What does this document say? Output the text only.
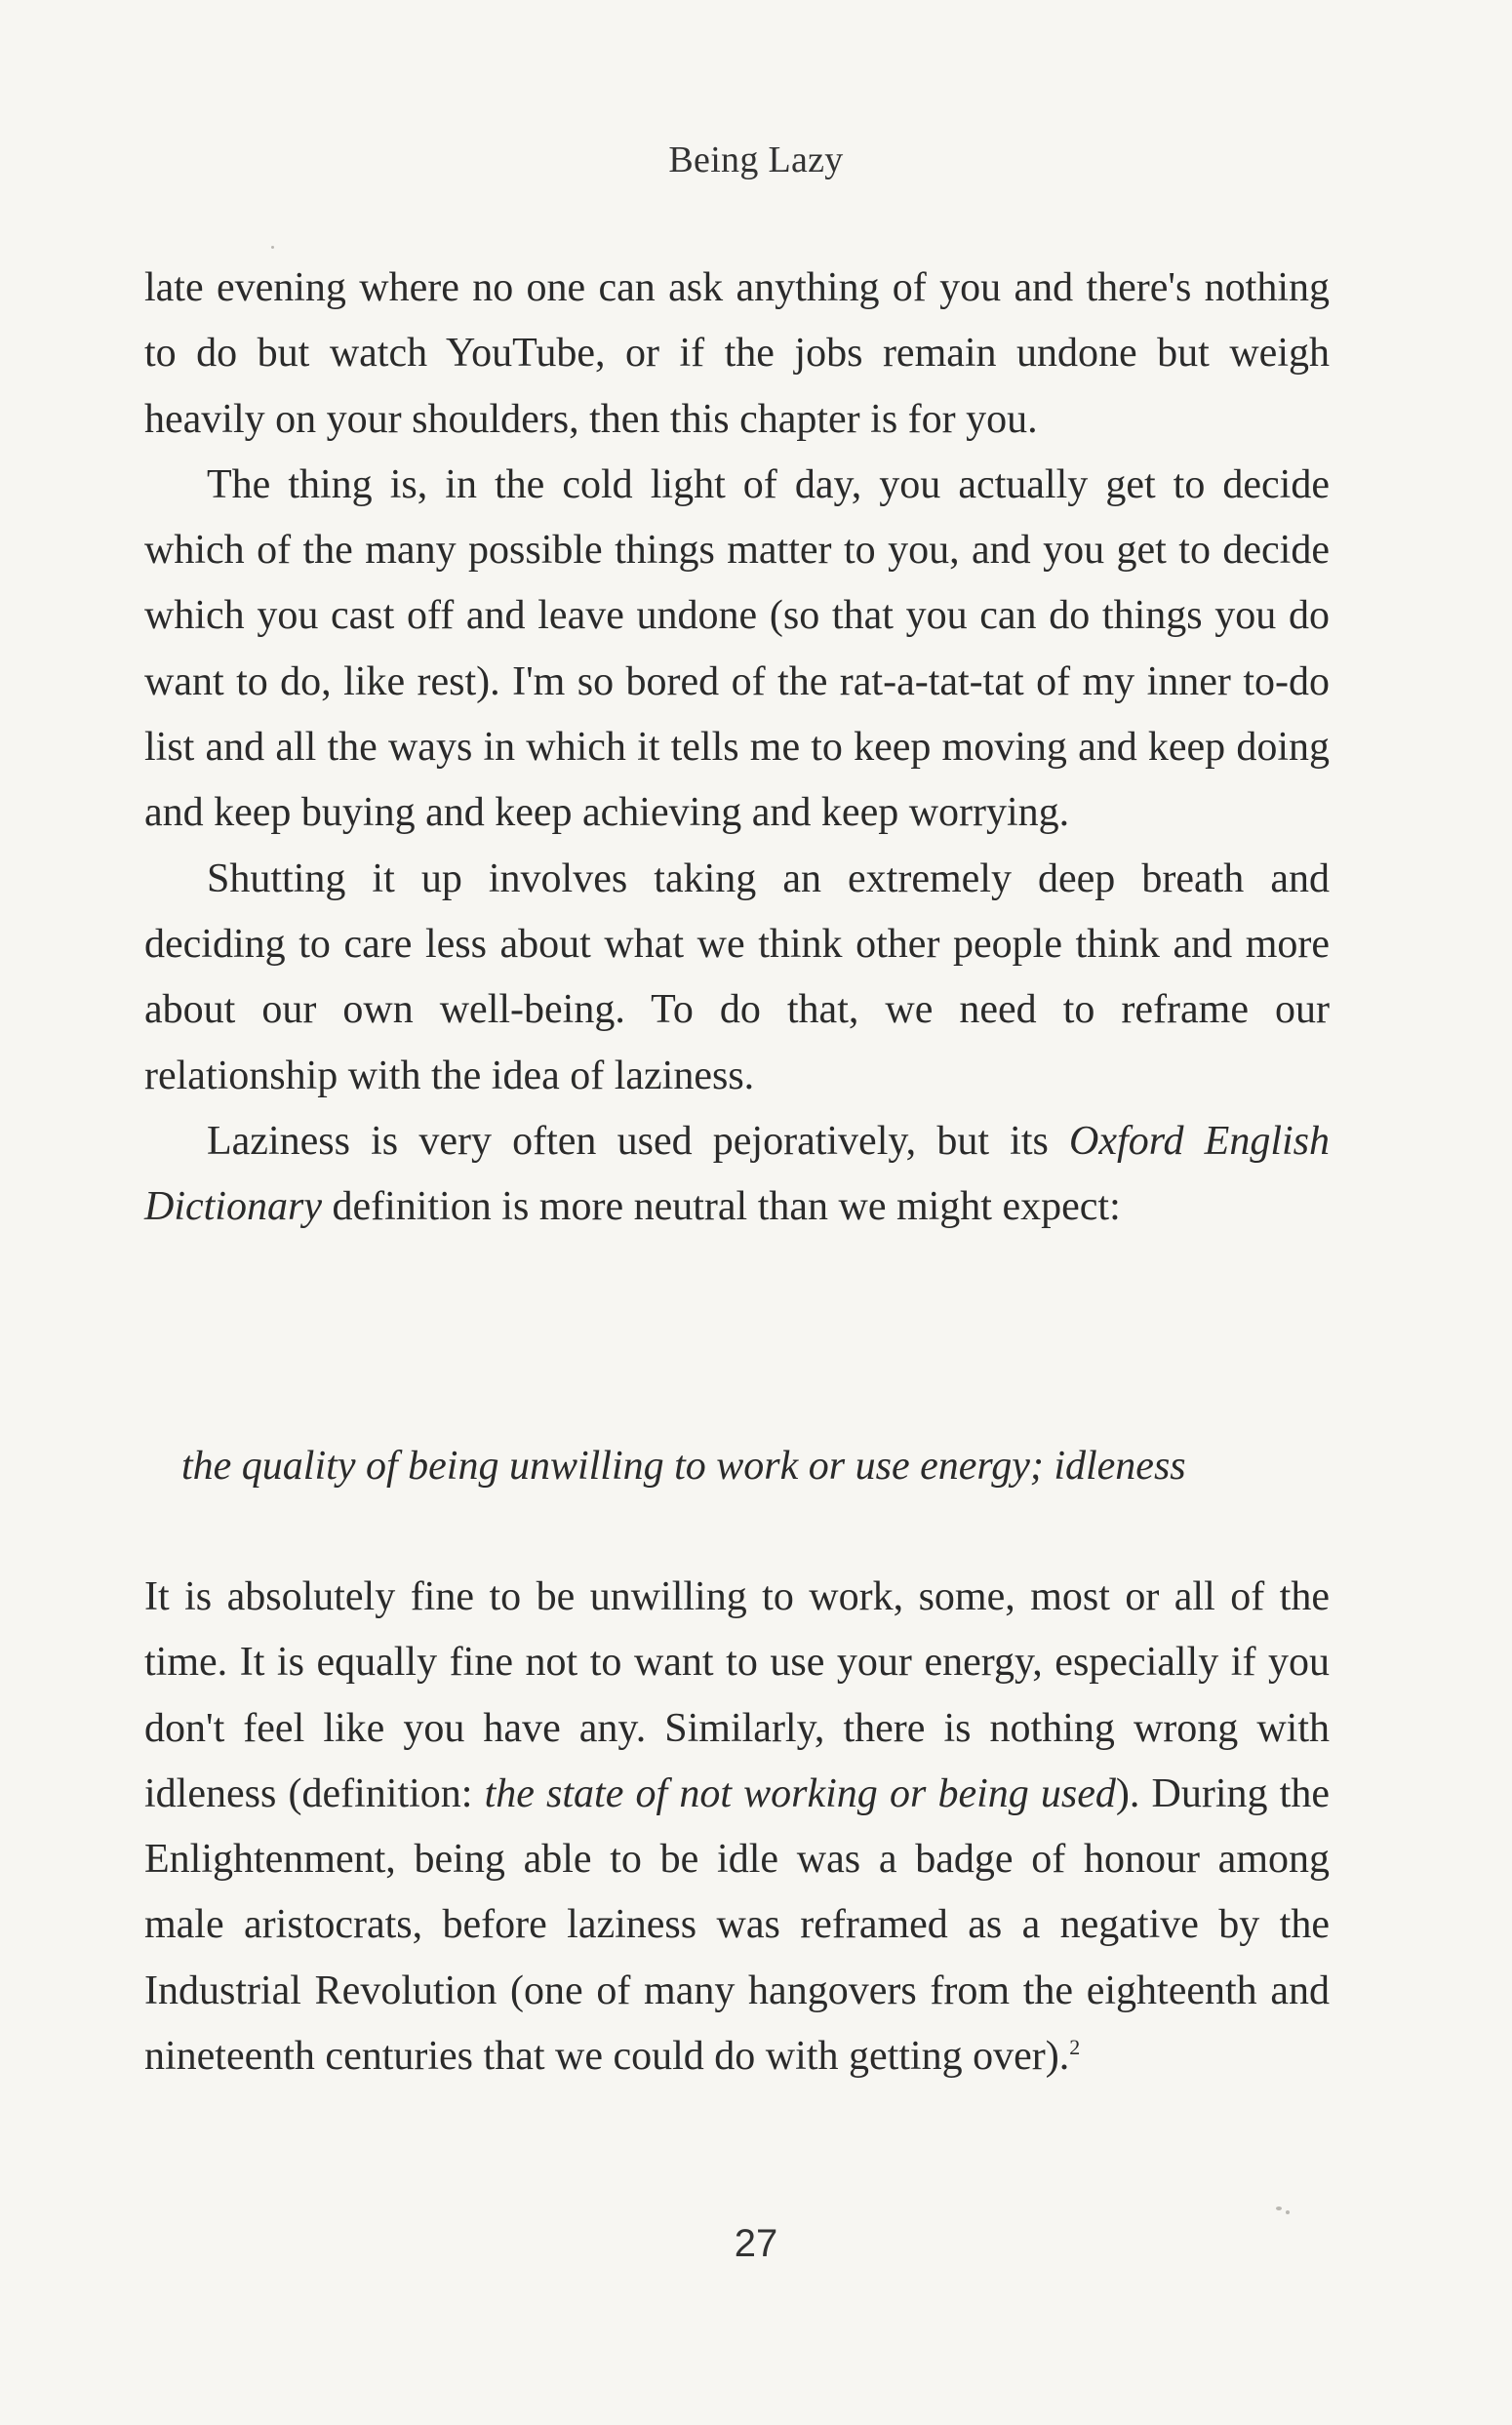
Being Lazy

late evening where no one can ask anything of you and there's nothing to do but watch YouTube, or if the jobs remain undone but weigh heavily on your shoulders, then this chapter is for you.

The thing is, in the cold light of day, you actually get to decide which of the many possible things matter to you, and you get to decide which you cast off and leave undone (so that you can do things you do want to do, like rest). I'm so bored of the rat-a-tat-tat of my inner to-do list and all the ways in which it tells me to keep moving and keep doing and keep buying and keep achieving and keep worrying.

Shutting it up involves taking an extremely deep breath and deciding to care less about what we think other people think and more about our own well-being. To do that, we need to reframe our relationship with the idea of laziness.

Laziness is very often used pejoratively, but its Oxford English Dictionary definition is more neutral than we might expect:

the quality of being unwilling to work or use energy; idleness

It is absolutely fine to be unwilling to work, some, most or all of the time. It is equally fine not to want to use your energy, especially if you don't feel like you have any. Similarly, there is nothing wrong with idleness (definition: the state of not working or being used). During the Enlightenment, being able to be idle was a badge of honour among male aristocrats, before laziness was reframed as a negative by the Industrial Revolution (one of many hangovers from the eighteenth and nineteenth centuries that we could do with getting over).$^2$

27
